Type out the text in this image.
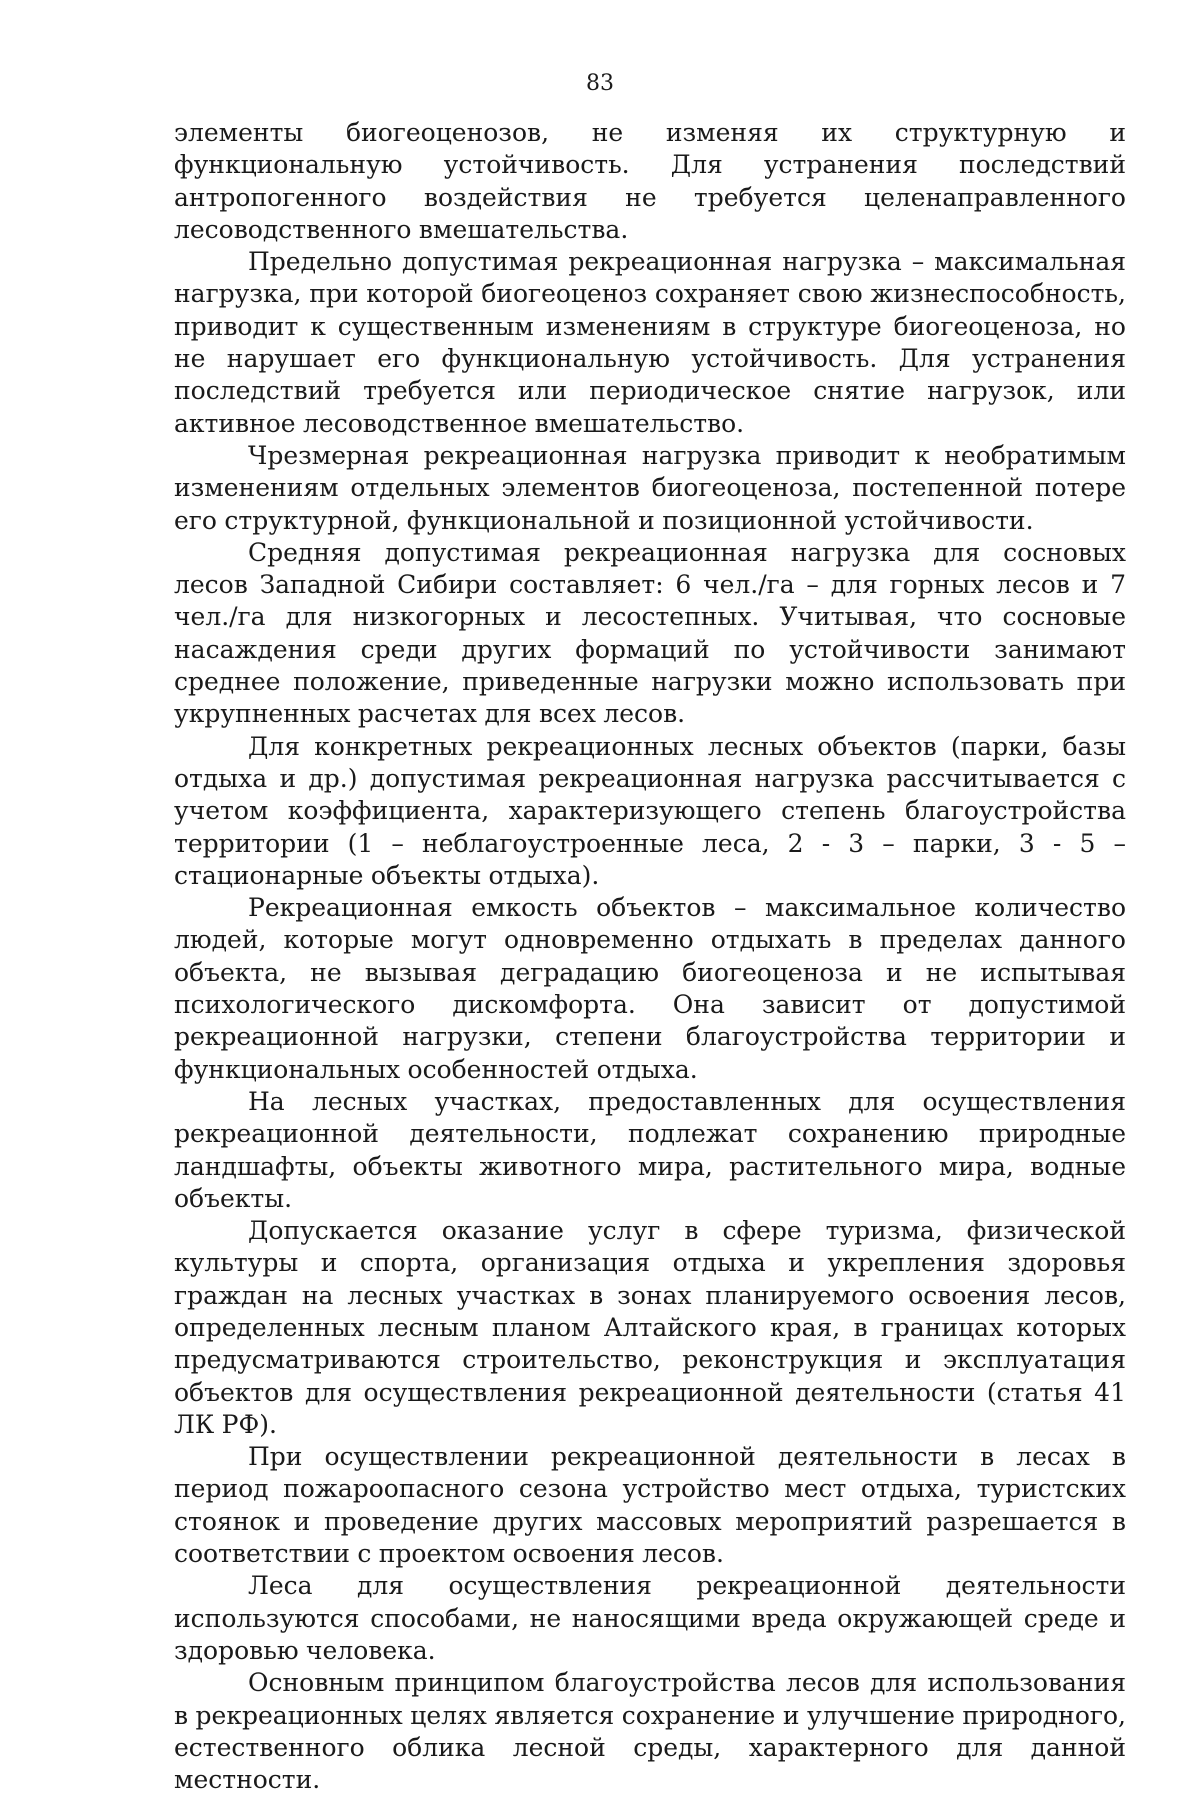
83

элементы биогеоценозов, не изменяя их структурную и функциональную устойчивость. Для устранения последствий антропогенного воздействия не требуется целенаправленного лесоводственного вмешательства.

Предельно допустимая рекреационная нагрузка – максимальная нагрузка, при которой биогеоценоз сохраняет свою жизнеспособность, приводит к существенным изменениям в структуре биогеоценоза, но не нарушает его функциональную устойчивость. Для устранения последствий требуется или периодическое снятие нагрузок, или активное лесоводственное вмешательство.

Чрезмерная рекреационная нагрузка приводит к необратимым изменениям отдельных элементов биогеоценоза, постепенной потере его структурной, функциональной и позиционной устойчивости.

Средняя допустимая рекреационная нагрузка для сосновых лесов Западной Сибири составляет: 6 чел./га – для горных лесов и 7 чел./га для низкогорных и лесостепных. Учитывая, что сосновые насаждения среди других формаций по устойчивости занимают среднее положение, приведенные нагрузки можно использовать при укрупненных расчетах для всех лесов.

Для конкретных рекреационных лесных объектов (парки, базы отдыха и др.) допустимая рекреационная нагрузка рассчитывается с учетом коэффициента, характеризующего степень благоустройства территории (1 – неблагоустроенные леса, 2 - 3 – парки, 3 - 5 – стационарные объекты отдыха).

Рекреационная емкость объектов – максимальное количество людей, которые могут одновременно отдыхать в пределах данного объекта, не вызывая деградацию биогеоценоза и не испытывая психологического дискомфорта. Она зависит от допустимой рекреационной нагрузки, степени благоустройства территории и функциональных особенностей отдыха.

На лесных участках, предоставленных для осуществления рекреационной деятельности, подлежат сохранению природные ландшафты, объекты животного мира, растительного мира, водные объекты.

Допускается оказание услуг в сфере туризма, физической культуры и спорта, организация отдыха и укрепления здоровья граждан на лесных участках в зонах планируемого освоения лесов, определенных лесным планом Алтайского края, в границах которых предусматриваются строительство, реконструкция и эксплуатация объектов для осуществления рекреационной деятельности (статья 41 ЛК РФ).

При осуществлении рекреационной деятельности в лесах в период пожароопасного сезона устройство мест отдыха, туристских стоянок и проведение других массовых мероприятий разрешается в соответствии с проектом освоения лесов.

Леса для осуществления рекреационной деятельности используются способами, не наносящими вреда окружающей среде и здоровью человека.

Основным принципом благоустройства лесов для использования в рекреационных целях является сохранение и улучшение природного, естественного облика лесной среды, характерного для данной местности.
